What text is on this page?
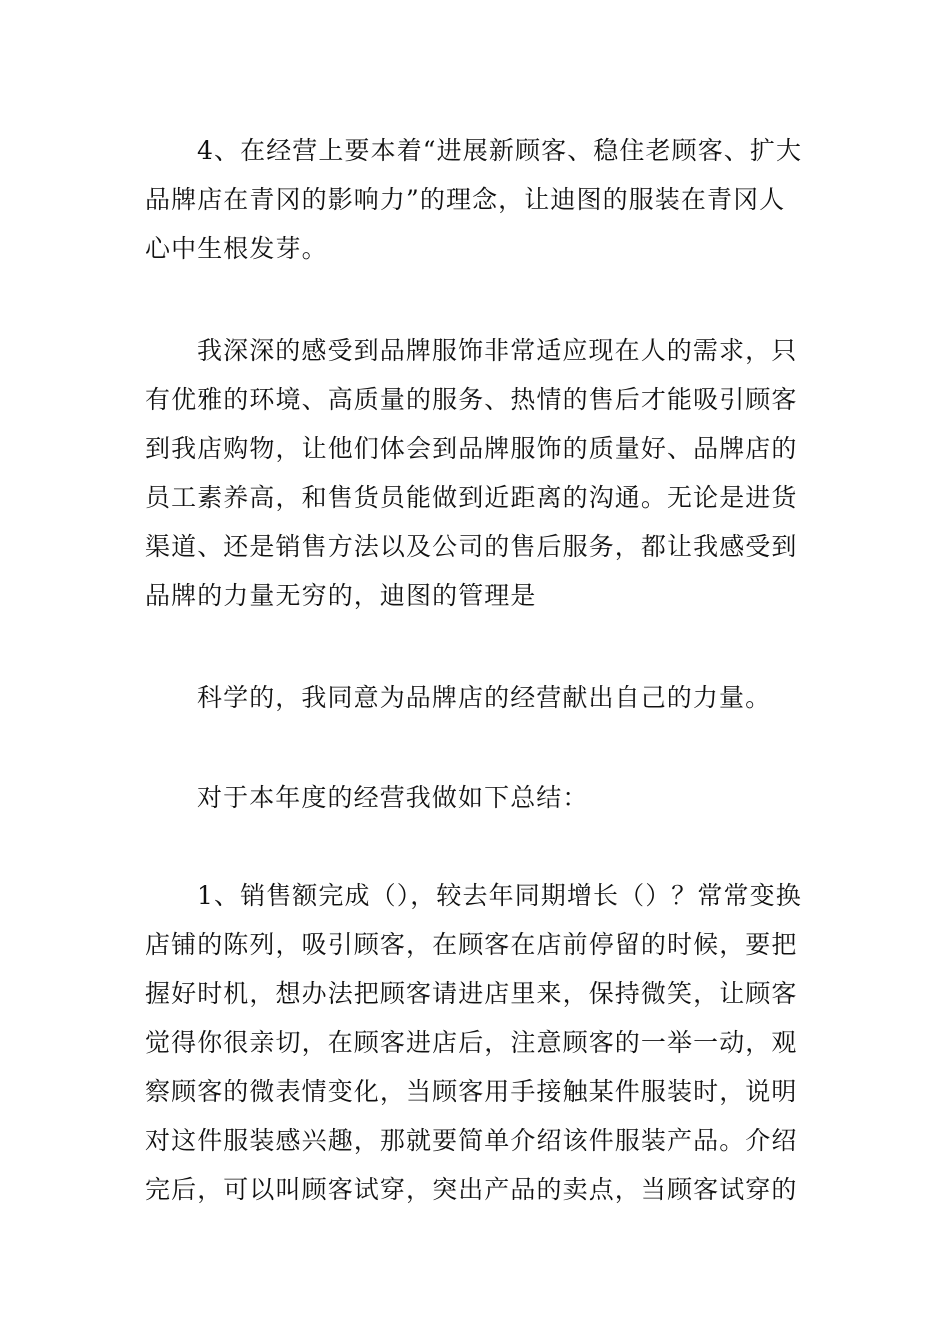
4、在经营上要本着“进展新顾客、稳住老顾客、扩大
品牌店在青冈的影响力”的理念，让迪图的服装在青冈人
心中生根发芽。
我深深的感受到品牌服饰非常适应现在人的需求，只
有优雅的环境、高质量的服务、热情的售后才能吸引顾客
到我店购物，让他们体会到品牌服饰的质量好、品牌店的
员工素养高，和售货员能做到近距离的沟通。无论是进货
渠道、还是销售方法以及公司的售后服务，都让我感受到
品牌的力量无穷的，迪图的管理是
科学的，我同意为品牌店的经营献出自己的力量。
对于本年度的经营我做如下总结：
1、销售额完成（），较去年同期增长（）？常常变换
店铺的陈列，吸引顾客，在顾客在店前停留的时候，要把
握好时机，想办法把顾客请进店里来，保持微笑，让顾客
觉得你很亲切，在顾客进店后，注意顾客的一举一动，观
察顾客的微表情变化，当顾客用手接触某件服装时，说明
对这件服装感兴趣，那就要简单介绍该件服装产品。介绍
完后，可以叫顾客试穿，突出产品的卖点，当顾客试穿的
